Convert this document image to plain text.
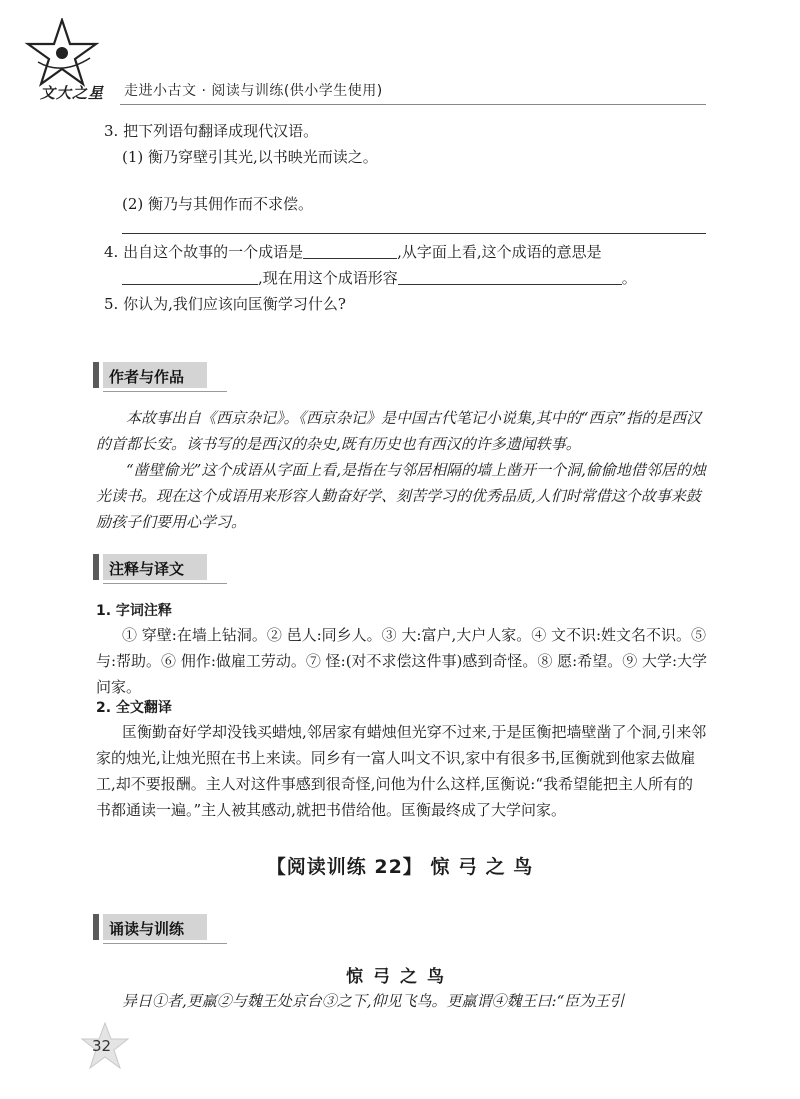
文大之星 走进小古文 · 阅读与训练(供小学生使用)
3. 把下列语句翻译成现代汉语。
(1) 衡乃穿壁引其光,以书映光而读之。
(2) 衡乃与其佣作而不求偿。
4. 出自这个故事的一个成语是	,从字面上看,这个成语的意思是
,现在用这个成语形容	。
5. 你认为,我们应该向匡衡学习什么?
作者与作品
本故事出自《西京杂记》。《西京杂记》是中国古代笔记小说集,其中的“西京”指的是西汉的首都长安。该书写的是西汉的杂史,既有历史也有西汉的许多遗闻轶事。
“凿壁偷光”这个成语从字面上看,是指在与邻居相隔的墙上凿开一个洞,偷偷地借邻居的烛光读书。现在这个成语用来形容人勤奋好学、刻苦学习的优秀品质,人们时常借这个故事来鼓励孩子们要用心学习。
注释与译文
1. 字词注释
① 穿壁:在墙上钻洞。② 邑人:同乡人。③ 大:富户,大户人家。④ 文不识:姓文名不识。⑤ 与:帮助。⑥ 佣作:做雇工劳动。⑦ 怪:(对不求偿这件事)感到奇怪。⑧ 愿:希望。⑨ 大学:大学问家。
2. 全文翻译
匡衡勤奋好学却没钱买蜡烛,邻居家有蜡烛但光穿不过来,于是匡衡把墙壁凿了个洞,引来邻家的烛光,让烛光照在书上来读。同乡有一富人叫文不识,家中有很多书,匡衡就到他家去做雇工,却不要报酬。主人对这件事感到很奇怪,问他为什么这样,匡衡说:“我希望能把主人所有的书都通读一遍。”主人被其感动,就把书借给他。匡衡最终成了大学问家。
【阅读训练 22】 惊 弓 之 鸟
诵读与训练
惊弓之鸟
异日①者,更羸②与魏王处京台③之下,仰见飞鸟。更羸谓④魏王曰:“臣为王引
32
